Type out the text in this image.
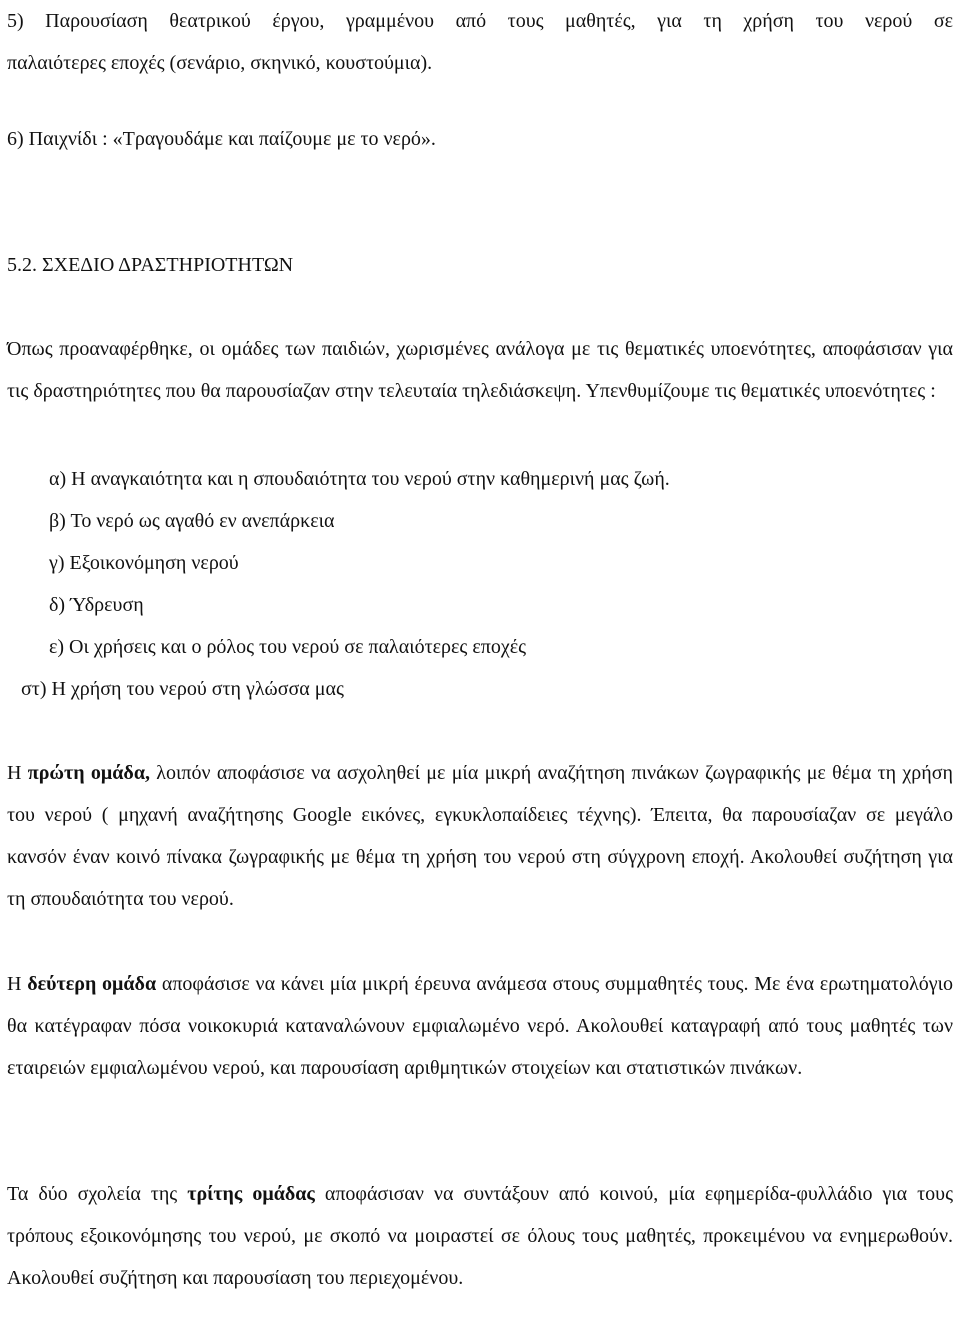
5) Παρουσίαση θεατρικού έργου, γραμμένου από τους μαθητές, για τη χρήση του νερού σε
παλαιότερες εποχές (σενάριο, σκηνικό, κουστούμια).
6) Παιχνίδι : «Τραγουδάμε και παίζουμε με το νερό».
5.2. ΣΧΕΔΙΟ ΔΡΑΣΤΗΡΙΟΤΗΤΩΝ
Όπως προαναφέρθηκε, οι ομάδες των παιδιών, χωρισμένες ανάλογα με τις θεματικές υποενότητες, αποφάσισαν για τις δραστηριότητες που θα παρουσίαζαν στην τελευταία τηλεδιάσκεψη. Υπενθυμίζουμε τις θεματικές υποενότητες :
α) Η αναγκαιότητα και η σπουδαιότητα του νερού στην καθημερινή μας ζωή.
β) Το νερό ως αγαθό εν ανεπάρκεια
γ) Εξοικονόμηση νερού
δ) Ύδρευση
ε) Οι χρήσεις και ο ρόλος του νερού σε παλαιότερες εποχές
στ) Η χρήση του νερού στη γλώσσα μας
Η πρώτη ομάδα, λοιπόν αποφάσισε να ασχοληθεί με μία μικρή αναζήτηση πινάκων ζωγραφικής με θέμα τη χρήση του νερού ( μηχανή αναζήτησης Google εικόνες, εγκυκλοπαίδειες τέχνης). Έπειτα, θα παρουσίαζαν σε μεγάλο κανσόν έναν κοινό πίνακα ζωγραφικής με θέμα τη χρήση του νερού στη σύγχρονη εποχή. Ακολουθεί συζήτηση για τη σπουδαιότητα του νερού.
Η δεύτερη ομάδα αποφάσισε να κάνει μία μικρή έρευνα ανάμεσα στους συμμαθητές τους. Με ένα ερωτηματολόγιο θα κατέγραφαν πόσα νοικοκυριά καταναλώνουν εμφιαλωμένο νερό. Ακολουθεί καταγραφή από τους μαθητές των εταιρειών εμφιαλωμένου νερού, και παρουσίαση αριθμητικών στοιχείων και στατιστικών πινάκων.
Τα δύο σχολεία της τρίτης ομάδας αποφάσισαν να συντάξουν από κοινού, μία εφημερίδα-φυλλάδιο για τους τρόπους εξοικονόμησης του νερού, με σκοπό να μοιραστεί σε όλους τους μαθητές, προκειμένου να ενημερωθούν. Ακολουθεί συζήτηση και παρουσίαση του περιεχομένου.
